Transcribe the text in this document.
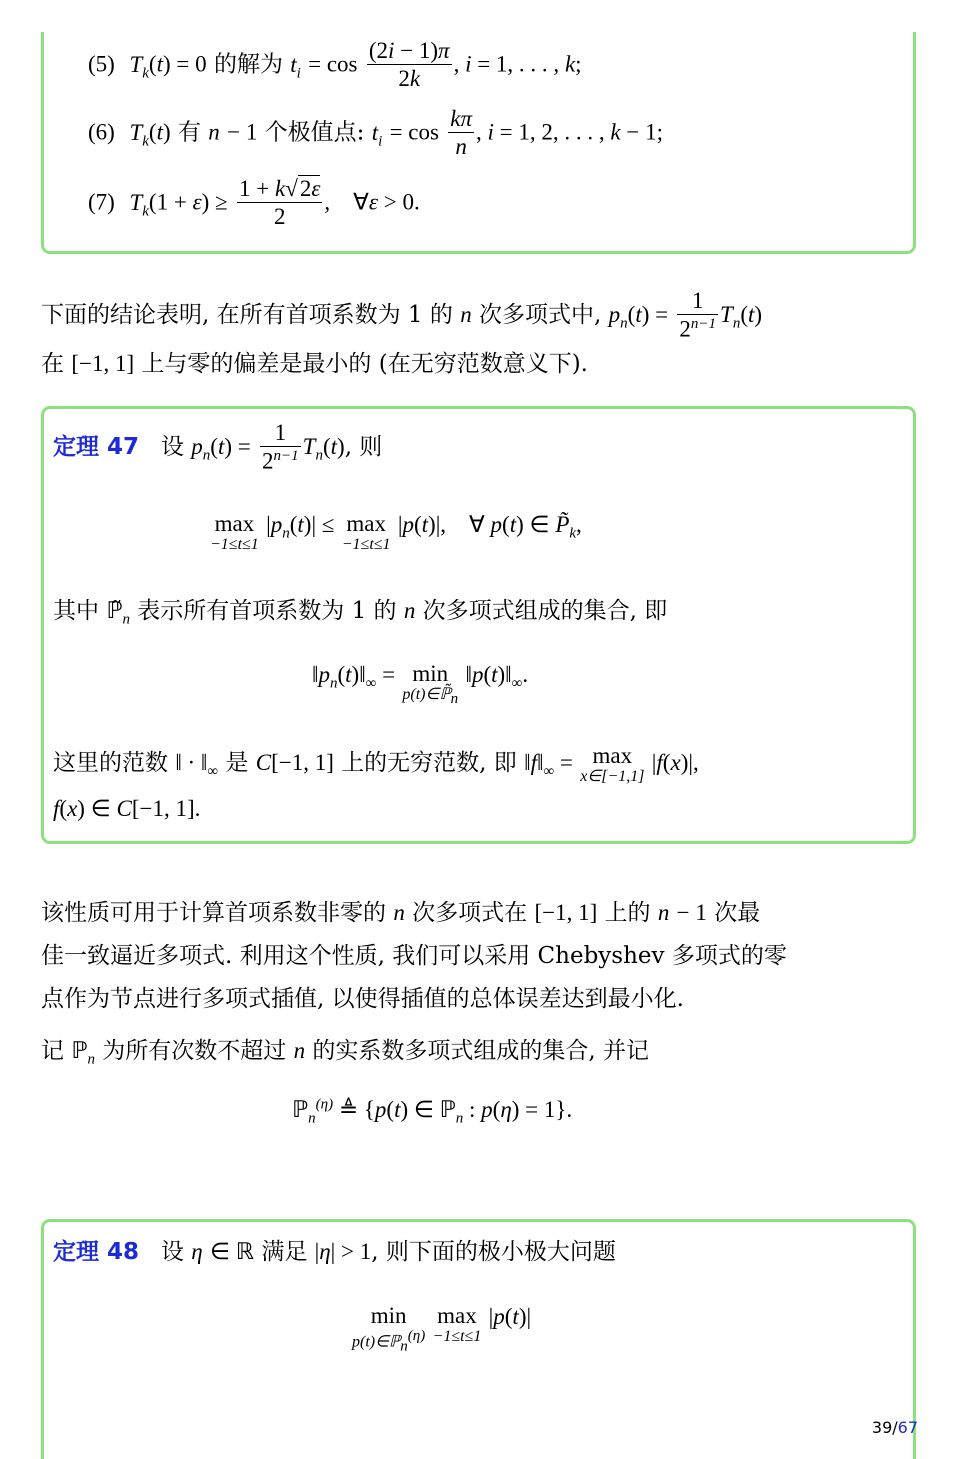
(5) $T_k(t) = 0$ 的解为 $t_i = \cos \frac{(2i - 1)\pi}{2k}$ , i = 1, . . . , k;
(6) $T_k(t)$ 有 n − 1 个极值点: $t_i = \cos \frac{k\pi}{n}$ , i = 1, 2, . . . , k − 1;
(7) $T_k(1 + \varepsilon) \ge \frac{1 + k√2\varepsilon}{2}$ ,    ∀ε > 0.
下面的结论表明, 在所有首项系数为 1 的 n 次多项式中, $p_n(t) = \frac{1}{2^{n-1}} T_n(t)$
在 [−1, 1] 上与零的偏差是最小的 (在无穷范数意义下).
定理 47 设 $p_n(t) = \frac{1}{2^{n-1}} T_n(t)$, 则
max
−1≤t≤1
$|p_n(t)| \le \max$
−1≤t≤1
|p(t)|,    ∀ p(t) ∈ $P̃_k$,
其中 $ℙ̃_n$ 表示所有首项系数为 1 的 n 次多项式组成的集合, 即
$‖p_n(t)‖_\infty = \min$
$p(t)\in ℙ̃_n$
$‖p(t)‖_\infty$.
这里的范数 ‖ · $‖_\infty$ 是 C[−1, 1] 上的无穷范数, 即 $‖f‖_\infty = \max$
x∈[−1,1]
|f(x)|,
f(x) ∈ C[−1, 1].
该性质可用于计算首项系数非零的 n 次多项式在 [−1, 1] 上的 n − 1 次最
佳一致逼近多项式. 利用这个性质, 我们可以采用 Chebyshev 多项式的零
点作为节点进行多项式插值, 以使得插值的总体误差达到最小化.
记 ℙ$_n$ 为所有次数不超过 n 的实系数多项式组成的集合, 并记
ℙ$_n^{(\eta)}$ ≜ {p(t) ∈ ℙ$_n$ : p(η) = 1}.
定理 48 设 η ∈ ℝ 满足 |η| > 1, 则下面的极小极大问题
min
p(t)∈ℙ$_n^{(\eta)}$

max
−1≤t≤1
|p(t)|
39/67
